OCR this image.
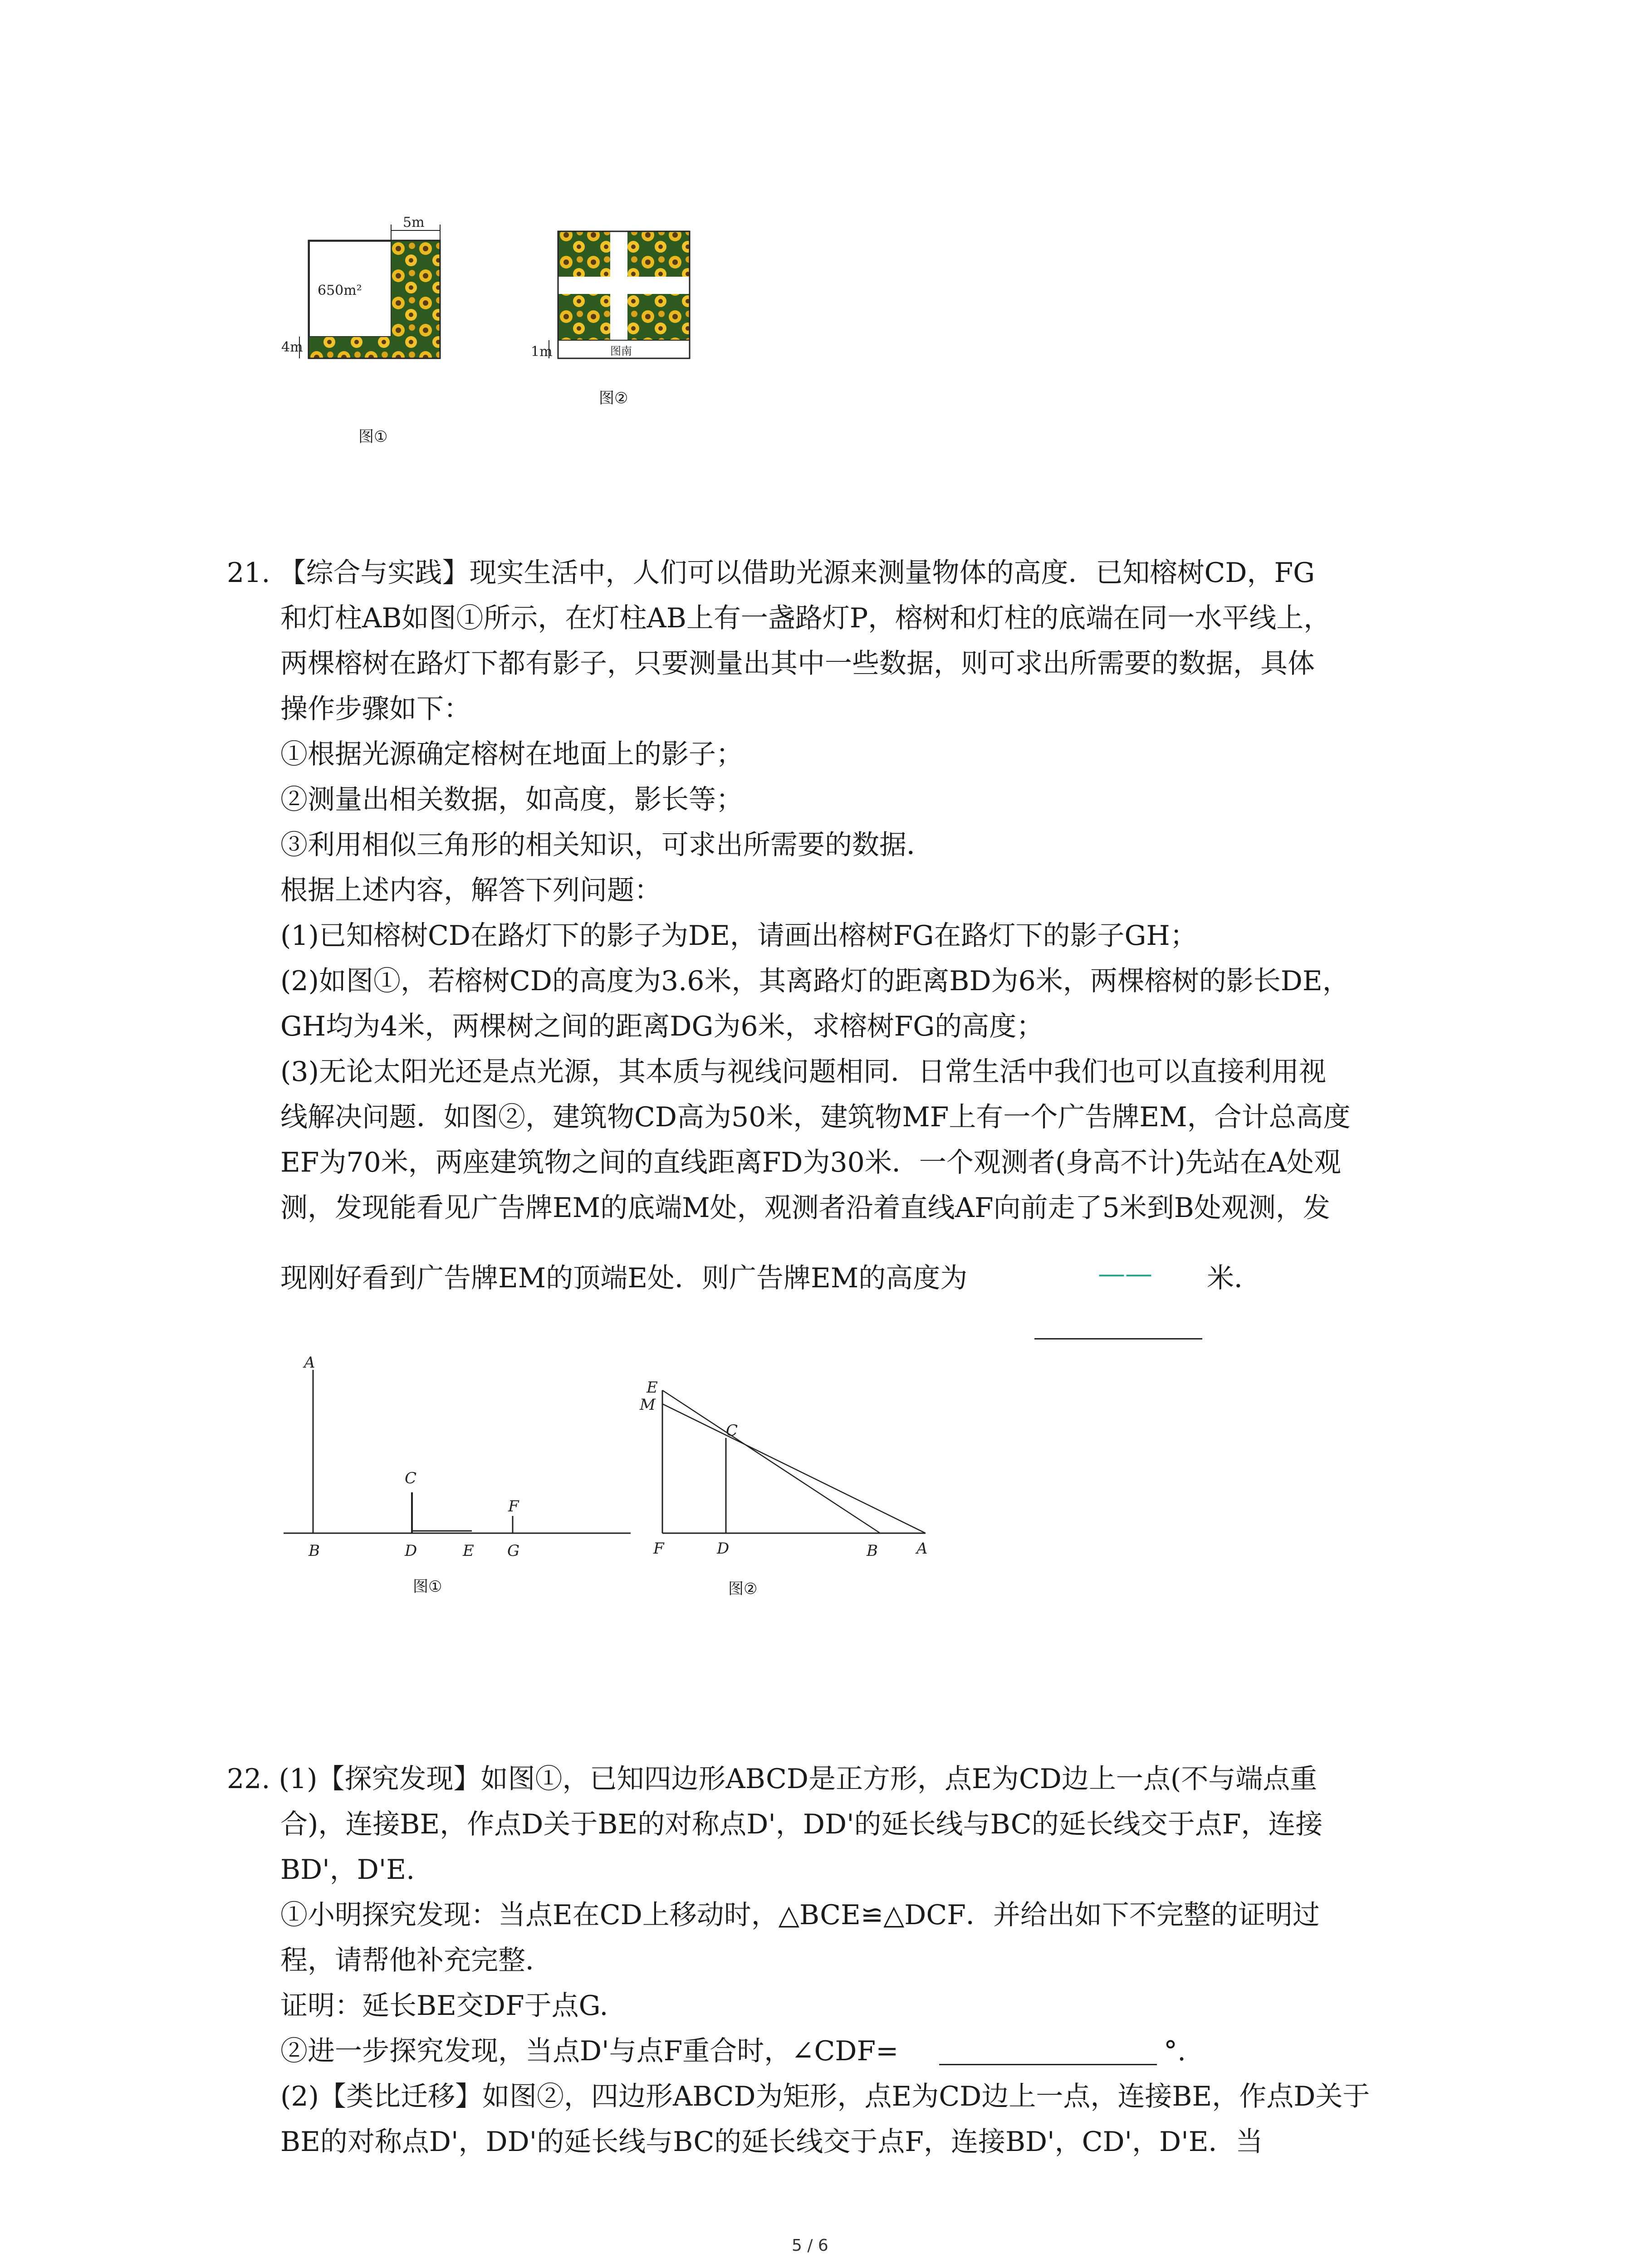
5m
4m
650m²
图①
1m	图南
图②
21. 【综合与实践】现实生活中，人们可以借助光源来测量物体的高度．已知榕树CD，FG
和灯柱AB如图①所示，在灯柱AB上有一盏路灯P，榕树和灯柱的底端在同一水平线上，
两棵榕树在路灯下都有影子，只要测量出其中一些数据，则可求出所需要的数据，具体
操作步骤如下：
①根据光源确定榕树在地面上的影子；
②测量出相关数据，如高度，影长等；
③利用相似三角形的相关知识，可求出所需要的数据．
根据上述内容，解答下列问题：
(1)已知榕树CD在路灯下的影子为DE，请画出榕树FG在路灯下的影子GH；
(2)如图①，若榕树CD的高度为3.6米，其离路灯的距离BD为6米，两棵榕树的影长DE，
GH均为4米，两棵树之间的距离DG为6米，求榕树FG的高度；
(3)无论太阳光还是点光源，其本质与视线问题相同．日常生活中我们也可以直接利用视
线解决问题．如图②，建筑物CD高为50米，建筑物MF上有一个广告牌EM，合计总高度
EF为70米，两座建筑物之间的直线距离FD为30米．一个观测者(身高不计)先站在A处观
测，发现能看见广告牌EM的底端M处，观测者沿着直线AF向前走了5米到B处观测，发
现刚好看到广告牌EM的顶端E处．则广告牌EM的高度为	—— 米．
A
B
C
D	E
F
G
图①
E
M
C
F	D	B	A
图②
22. (1)【探究发现】如图①，已知四边形ABCD是正方形，点E为CD边上一点(不与端点重
合)，连接BE，作点D关于BE的对称点D'，DD'的延长线与BC的延长线交于点F，连接
BD'，D'E.
①小明探究发现：当点E在CD上移动时，△BCE≌△DCF．并给出如下不完整的证明过
程，请帮他补充完整．
证明：延长BE交DF于点G.
②进一步探究发现，当点D'与点F重合时，∠CDF=	°.
(2)【类比迁移】如图②，四边形ABCD为矩形，点E为CD边上一点，连接BE，作点D关于
BE的对称点D'，DD'的延长线与BC的延长线交于点F，连接BD'，CD'，D'E．当
5 / 6
